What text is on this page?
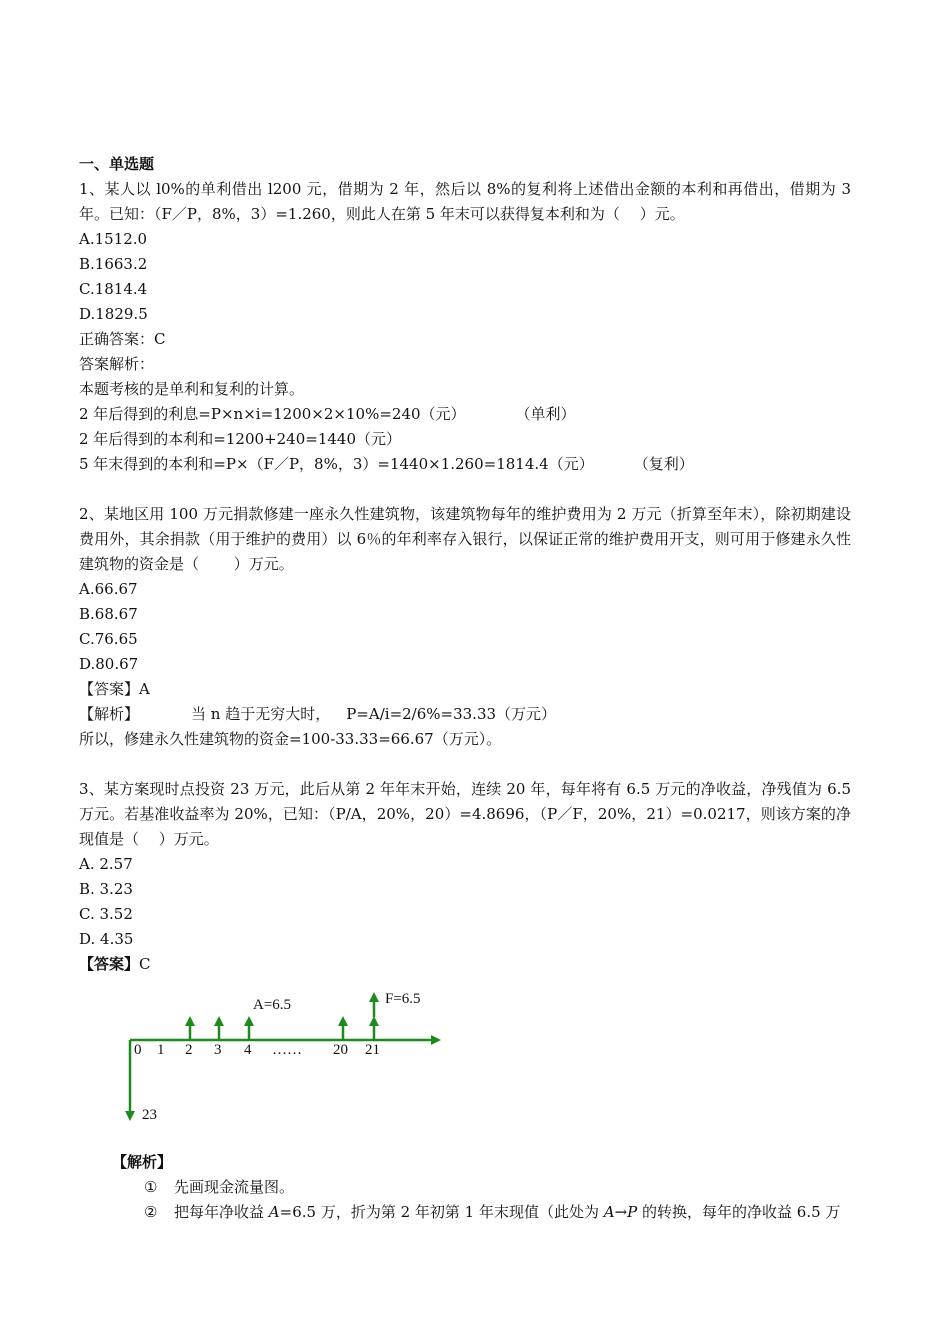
一、单选题
1、某人以 l0%的单利借出 l200 元，借期为 2 年，然后以 8%的复利将上述借出金额的本利和再借出，借期为 3 年。已知：（F／P，8%，3）=1.260，则此人在第 5 年末可以获得复本利和为（　 ）元。
A.1512.0
B.1663.2
C.1814.4
D.1829.5
正确答案：C
答案解析：
本题考核的是单利和复利的计算。
2 年后得到的利息=P×n×i=1200×2×10%=240（元）	（单利）
2 年后得到的本利和=1200+240=1440（元）
5 年末得到的本利和=P×（F／P，8%，3）=1440×1.260=1814.4（元）	（复利）
2、某地区用 100 万元捐款修建一座永久性建筑物，该建筑物每年的维护费用为 2 万元（折算至年末），除初期建设费用外，其余捐款（用于维护的费用）以 6％的年利率存入银行，以保证正常的维护费用开支，则可用于修建永久性建筑物的资金是（　　 ）万元。
A.66.67
B.68.67
C.76.65
D.80.67
【答案】A
【解析】	当 n 趋于无穷大时， P=A/i=2/6%=33.33（万元）
所以，修建永久性建筑物的资金=100-33.33=66.67（万元）。
3、某方案现时点投资 23 万元，此后从第 2 年年末开始，连续 20 年，每年将有 6.5 万元的净收益，净残值为 6.5 万元。若基准收益率为 20%，已知：（P/A，20%，20）=4.8696，（P／F，20%，21）=0.0217，则该方案的净现值是（　 ）万元。
A. 2.57
B. 3.23
C. 3.52
D. 4.35
【答案】C
A=6.5	F=6.5
23
0 1 2 3 4 …… 20 21
【解析】
① 先画现金流量图。
② 把每年净收益 A=6.5 万，折为第 2 年初第 1 年末现值（此处为 A→P 的转换，每年的净收益 6.5 万
